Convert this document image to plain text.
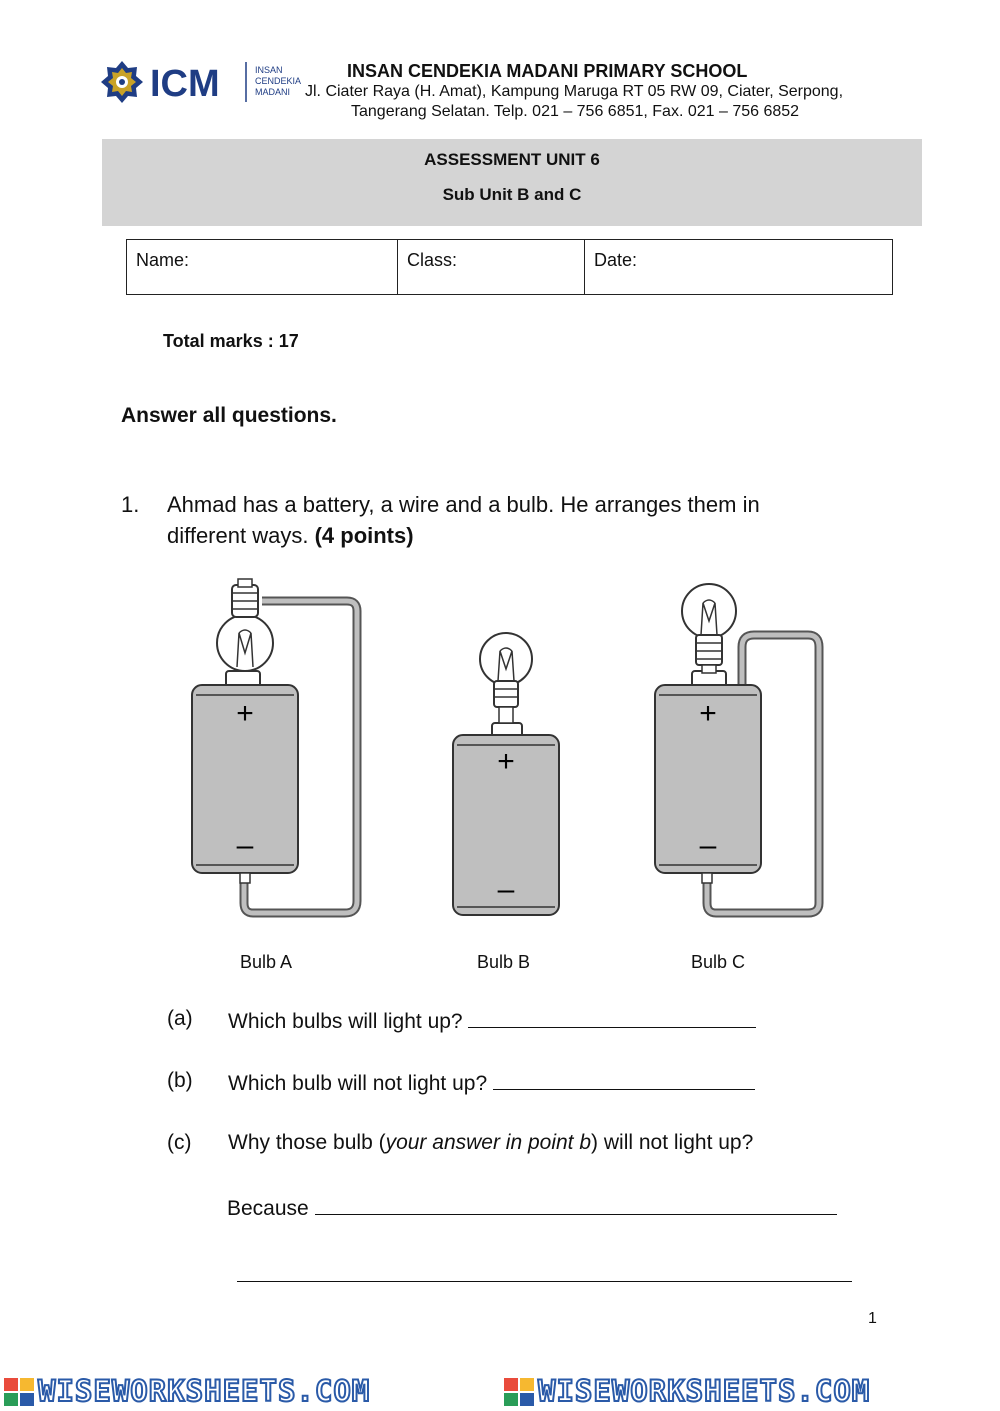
ICM	INSAN
CENDEKIA
MADANI
INSAN CENDEKIA MADANI PRIMARY SCHOOL
Jl. Ciater Raya (H. Amat), Kampung Maruga RT 05 RW 09, Ciater, Serpong,
Tangerang Selatan. Telp. 021 – 756 6851, Fax. 021 – 756 6852
ASSESSMENT UNIT 6
Sub Unit B and C
Name:	Class:	Date:
Total marks : 17
Answer all questions.
1. Ahmad has a battery, a wire and a bulb. He arranges them in
different ways. (4 points)
+
–
+
–
+
–
Bulb A	Bulb B	Bulb C
(a) Which bulbs will light up?
(b) Which bulb will not light up?
(c) Why those bulb (your answer in point b) will not light up?
Because
1
WISEWORKSHEETS.COM	WISEWORKSHEETS.COM
